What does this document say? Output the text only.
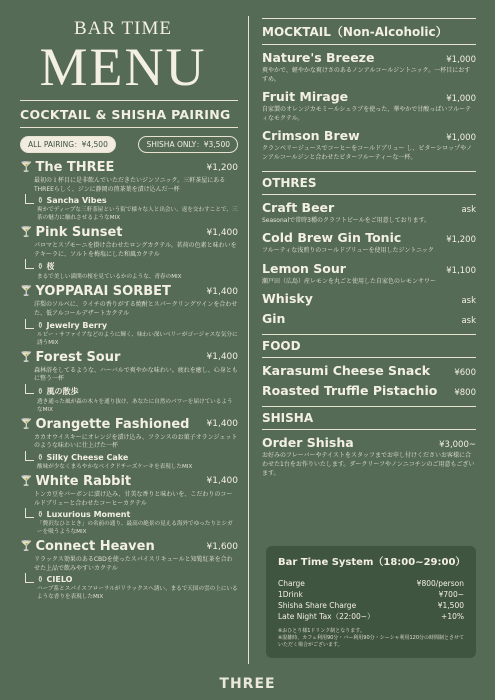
BAR TIME
MENU
COCKTAIL & SHISHA PAIRING
ALL PAIRING：¥4,500	SHISHA ONLY：¥3,500
🍸 The THREE	¥1,200
最初の１杯目に是非飲んでいただきたいジンソニック。三軒茶屋にあるTHREEらしく、ジンに静岡の煎茶葉を漬け込んだ一杯
⚱ Sancha Vibes
爽かでディープな三軒茶屋という街で様々な人と出会い、返を交わすことで、三茶の魅力に触れさせるようなMIX
🍸 Pink Sunset	¥1,400
パロマとスプモーニを掛け合わせたロングカクテル。茗荷の色素と味わいをテキーラに、ソルトを梅塩にした和風カクテル
⚱ 桜
まるで美しい満開の桜を見ているかのような、青春のMIX
🍸 YOPPARAI SORBET	¥1,400
洋梨のソルベに、ライチの香りがする焼酎とスパークリングワインを合わせた、低アルコールデザートカクテル
⚱ Jewelry Berry
ルビー・サファイアなどのように輝く、味わい深いベリーがゴージャスな気分に誘うMIX
🍸 Forest Sour	¥1,400
森林浴をしてるような、ハーバルで爽やかな味わい。疲れを癒し、心身ともに整う一杯
⚱ 風の散歩
透き通った風が森の木々を通り抜け、あなたに自然のパワーを届けているようなMIX
🍸 Orangette Fashioned ¥1,400
カカオウイスキーにオレンジを漬け込み、フランスのお菓子オランジェットのような味わいに仕上げた一杯
⚱ Silky Cheese Cake
酸味が少なくまろやかなベイクドチーズケーキを表現したMIX
🍸 White Rabbit	¥1,400
トンカ豆をバーボンに漬け込み、甘美な香りと味わいを、こだわりのコールドブリューと合わせたコーヒーカクテル
⚱ Luxurious Moment
「贅沢なひととき」の名前の通り、最高の絶景の見える海外でゆったりとシガーを吸うようなMIX
🍸 Connect Heaven	¥1,600
リラックス効果のあるCBDを使ったスパイスリキュールと知覧紅茶を合わせた上品で飲みやすいカクテル
⚱ CIELO
ハーブ系とスパイスフローラルがリラックスへ誘い、まるで天国の雲の上にいるような香りを表現したMIX
MOCKTAIL（Non-Alcoholic）
Nature's Breeze	¥1,000
爽やかで、軽やかな爽けさのあるノンアルコールジントニック。一杯目におすすめ。
Fruit Mirage	¥1,000
自家製のオレンジカモミールシュラブを使った、華やかで甘酸っぱいフルーティなモクテル。
Crimson Brew	¥1,000
クランベリージュースでコーヒーをコールドブリュー し、ビターシロップやノンアルコールジンと合わせたビターフルーティーな一杯。
OTHRES
Craft Beer	ask
Seasonalで常時3種のクラフトビールをご用意しております。
Cold Brew Gin Tonic	¥1,200
フルーティな浅煎りのコールドブリューを使用したジントニック
Lemon Sour	¥1,100
瀬戸田（広島）産レモンを丸ごと使用した自家色のレモンサワー
Whisky	ask
Gin	ask
FOOD
Karasumi Cheese Snack	¥600
Roasted Truffle Pistachio ¥800
SHISHA
Order Shisha	¥3,000~
お好みのフレーバーやテイストをスタッフまでお申し付けくださいお客様に合わせた1台をお作りいたします。ダークリーフやノンニコチンのご用意もございます。
Bar Time System（18:00~29:00）
Charge	¥800/person
1Drink	¥700~
Shisha Share Charge	¥1,500
Late Night Tax（22:00~）	+10%
※おひとり様1ドリンク制となります。
※混雑時、カフェ利用90分・バー利用90分・シーシャ利用120分の時間制とさせていただく場合がございます。
THREE
